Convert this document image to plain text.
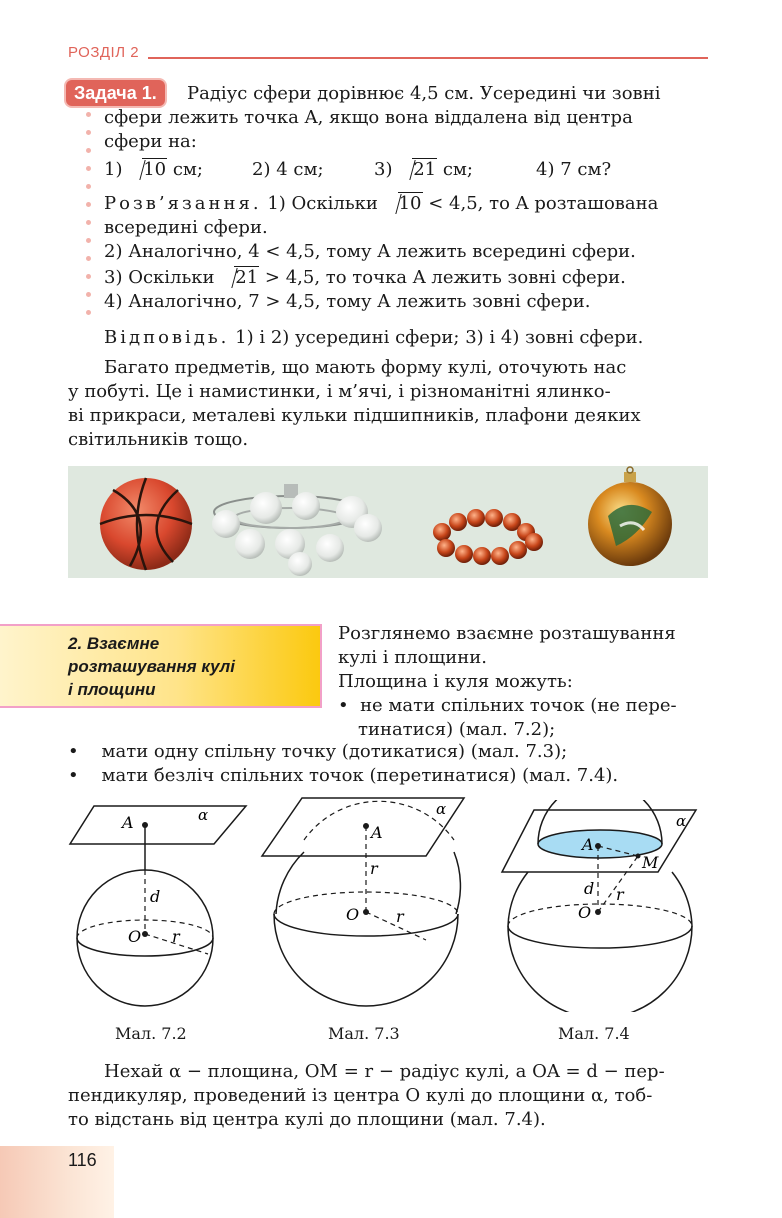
РОЗДІЛ 2
Задача 1.	Радіус сфери дорівнює 4,5 см. Усередині чи зовні
сфери лежить точка A, якщо вона віддалена від центра
сфери на:
1) 10 см;	2) 4 см;	3) 21 см;	4) 7 см?
Розв’язання. 1) Оскільки 10 < 4,5, то A розташована
всередині сфери.
2) Аналогічно, 4 < 4,5, тому A лежить всередині сфери.
3) Оскільки 21 > 4,5, то точка A лежить зовні сфери.
4) Аналогічно, 7 > 4,5, тому A лежить зовні сфери.
Відповідь. 1) і 2) усередині сфери; 3) і 4) зовні сфери.
Багато предметів, що мають форму кулі, оточують нас
у побуті. Це і намистинки, і м’ячі, і різноманітні ялинко-
ві прикраси, металеві кульки підшипників, плафони деяких
світильників тощо.
2. Взаємне
розташування кулі
і площини
Розглянемо взаємне розташування
кулі і площини.
Площина і куля можуть:
•  не мати спільних точок (не пере-
тинатися) (мал. 7.2);
•    мати одну спільну точку (дотикатися) (мал. 7.3);
•    мати безліч спільних точок (перетинатися) (мал. 7.4).
α
A
d
O r
Мал. 7.2
α
A
r
O r
Мал. 7.3
α
A
M
d r
O
Мал. 7.4
Нехай α − площина, OM = r − радіус кулі, а OA = d − пер-
пендикуляр, проведений із центра O кулі до площини α, тоб-
то відстань від центра кулі до площини (мал. 7.4).
116
